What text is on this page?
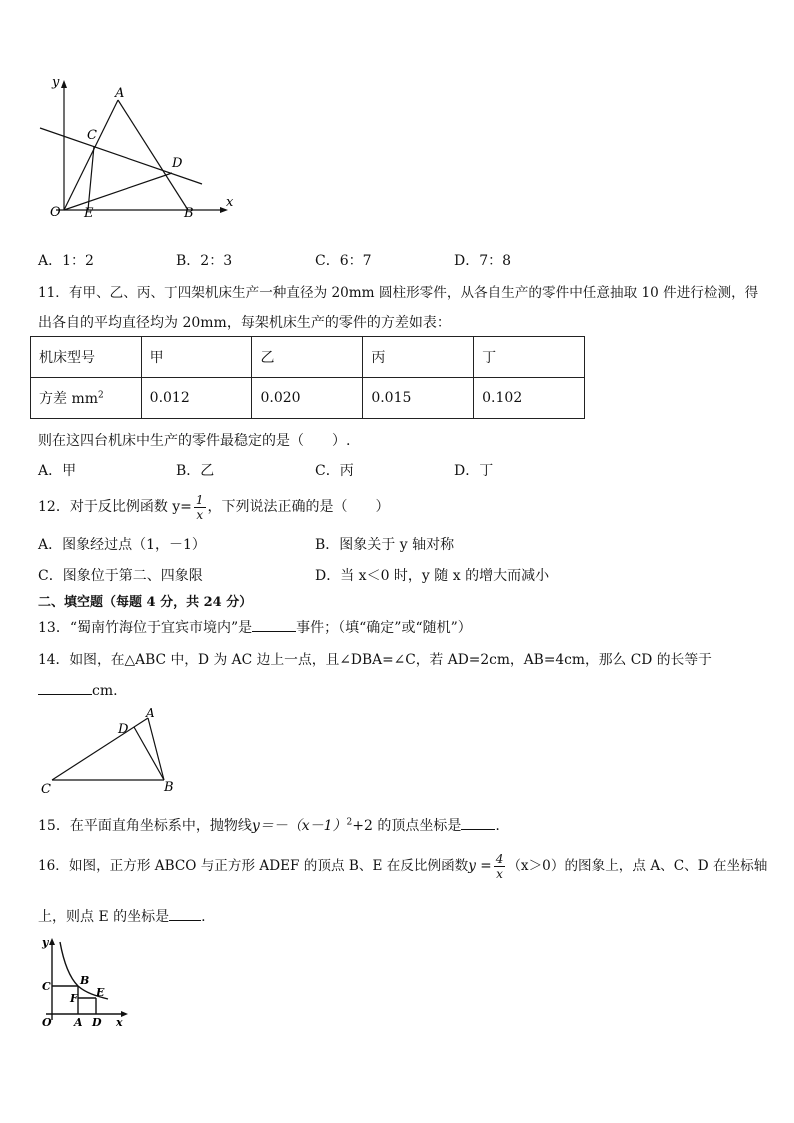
y
x
A
C
D
O E	B
A．1：2	B．2：3	C．6：7	D．7：8
11．有甲、乙、丙、丁四架机床生产一种直径为 20mm 圆柱形零件，从各自生产的零件中任意抽取 10 件进行检测，得
出各自的平均直径均为 20mm，每架机床生产的零件的方差如表：
机床型号	甲	乙	丙	丁
方差 $mm^2$	0.012	0.020	0.015	0.102
则在这四台机床中生产的零件最稳定的是（　　）.
A．甲	B．乙	C．丙	D．丁
12．对于反比例函数 $y= \frac{1}{x}$ ，下列说法正确的是（　　）
A．图象经过点（1，－1）	B．图象关于 y 轴对称
C．图象位于第二、四象限	D．当 x＜0 时，y 随 x 的增大而减小
二、填空题（每题 4 分，共 24 分）
13．“蜀南竹海位于宜宾市境内”是	事件；（填“确定”或“随机”）
14．如图，在△ABC 中，D 为 AC 边上一点，且∠DBA=∠C，若 AD=2cm，AB=4cm，那么 CD 的长等于
cm.
A
D
C	B
15．在平面直角坐标系中，抛物线$y=-(x-1)^2+2$ 的顶点坐标是 .
16．如图，正方形 ABCO 与正方形 ADEF 的顶点 B、E 在反比例函数$y = \frac{4}{x} (x>0)$的图象上，点 A、C、D 在坐标轴
上，则点 E 的坐标是 .
y
x
C	B
E
F
O A D
